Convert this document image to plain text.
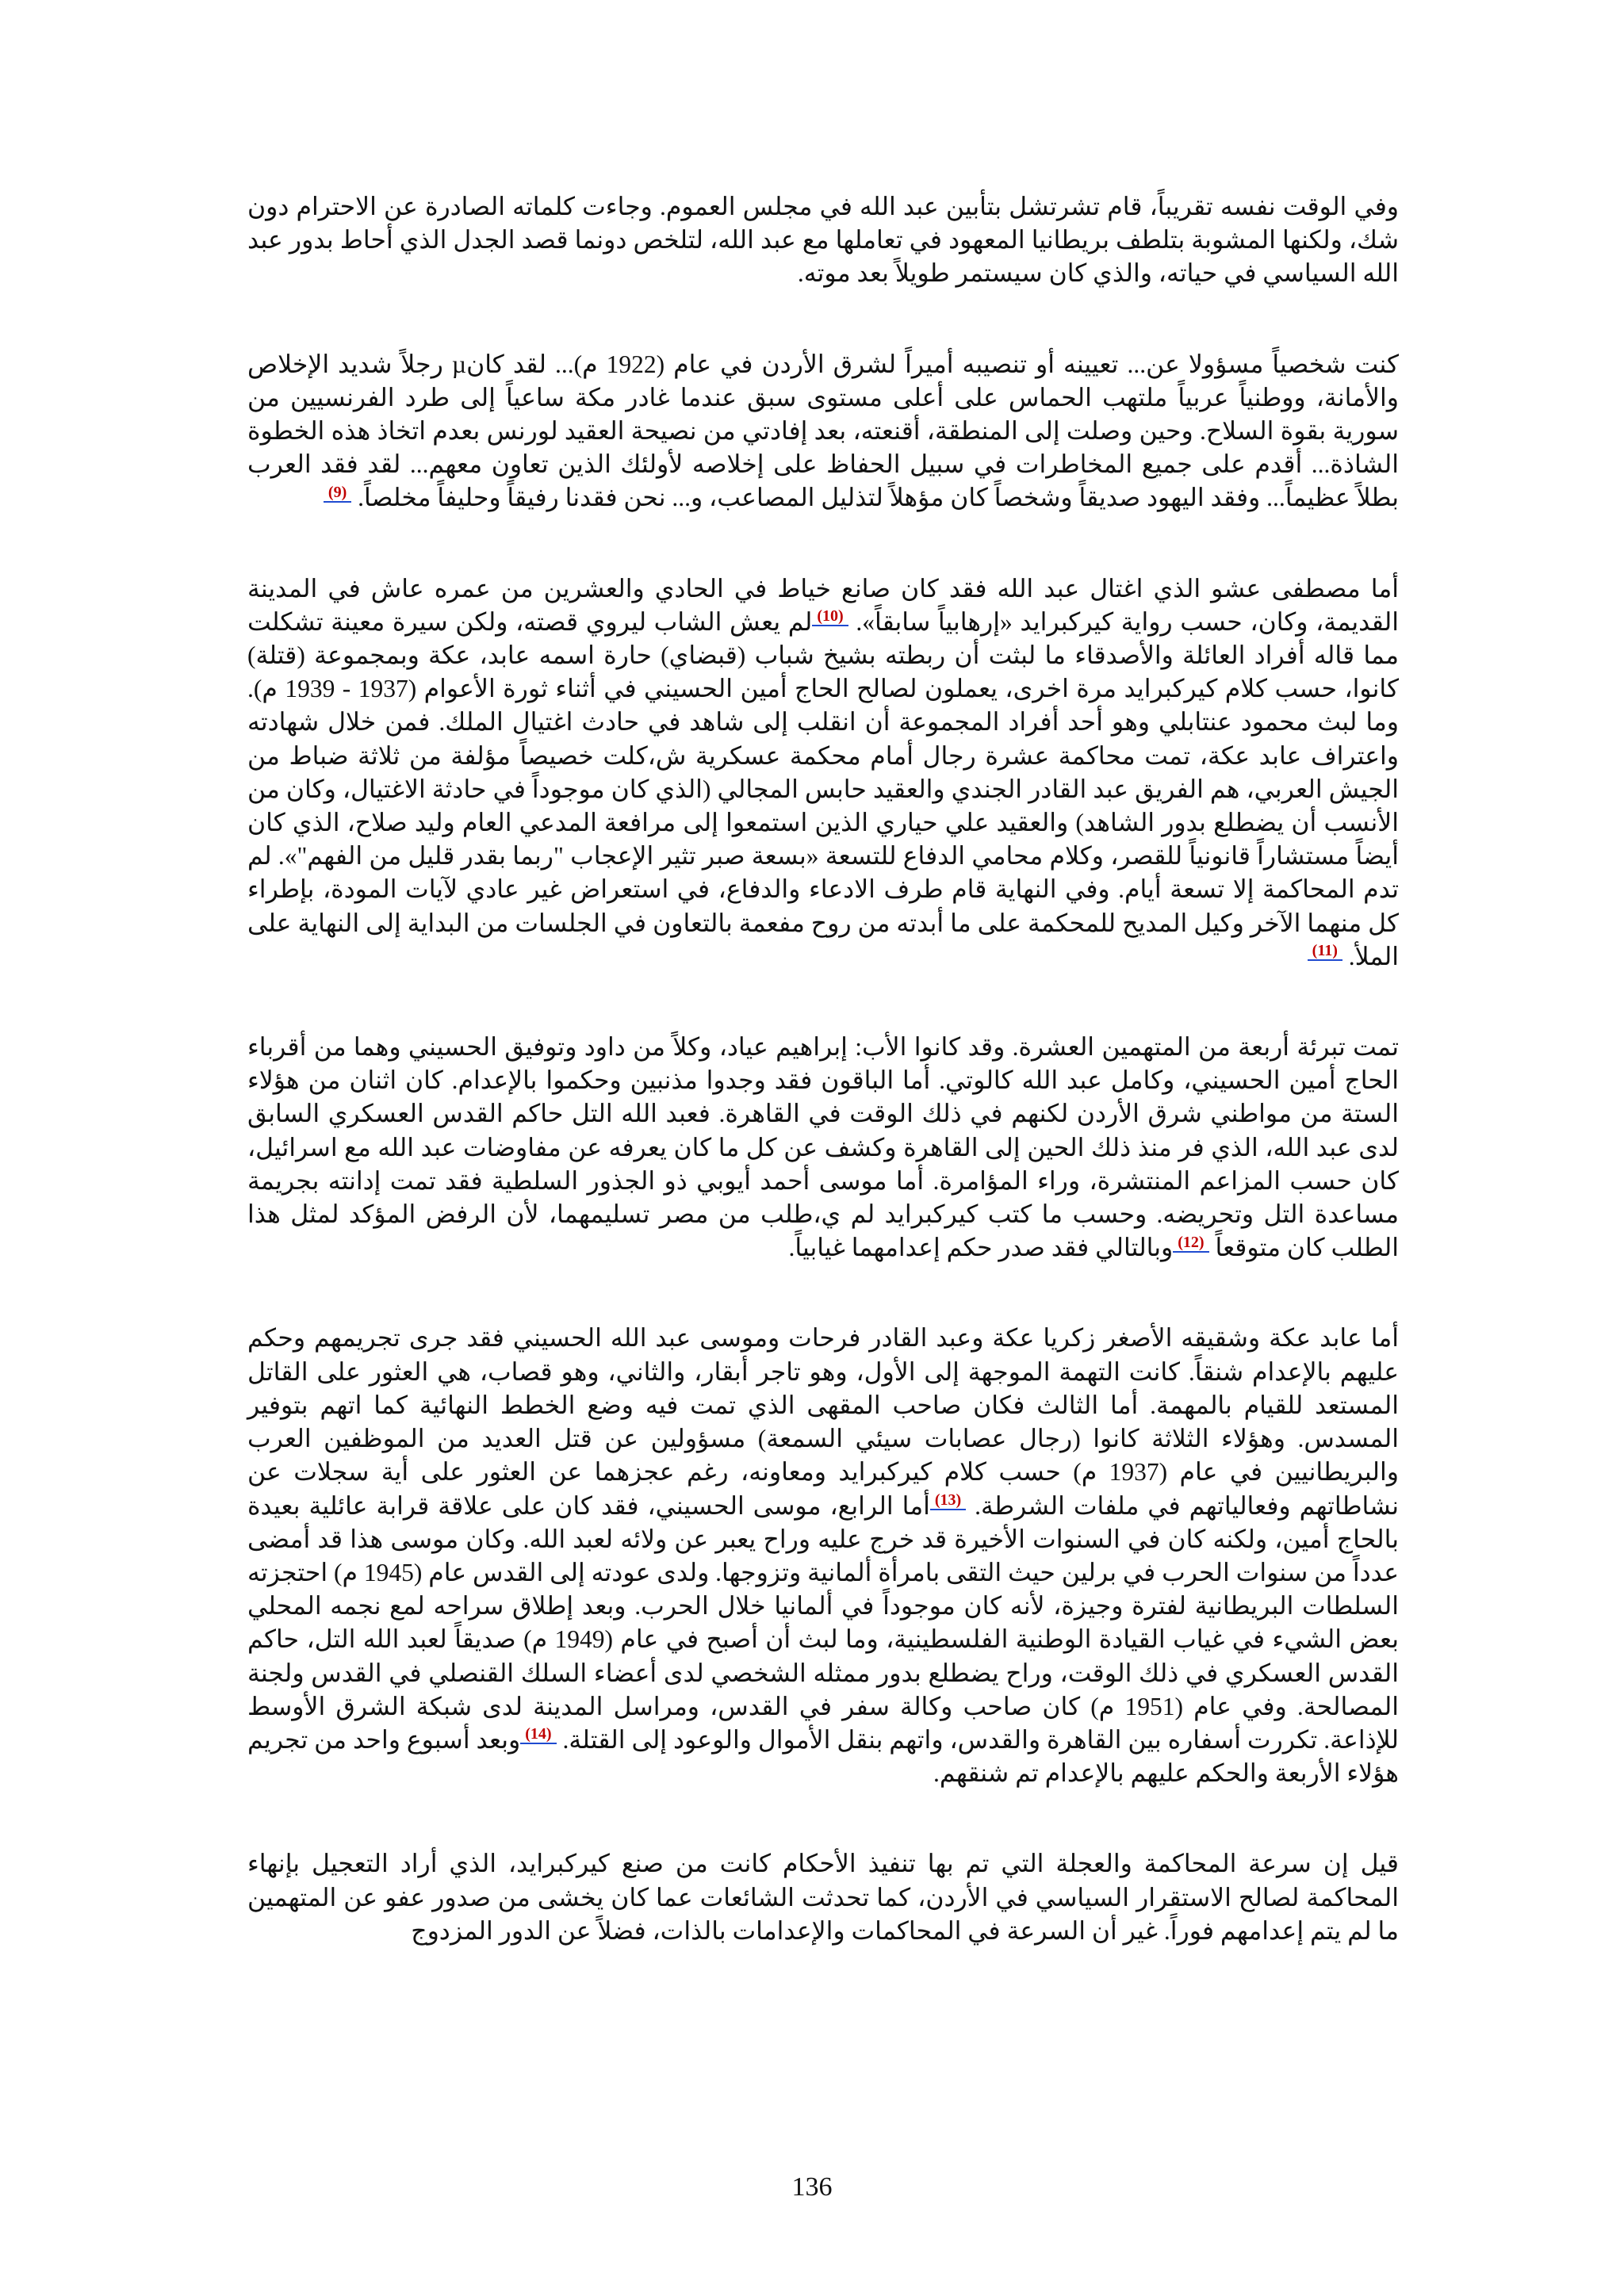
وفي الوقت نفسه تقريباً، قام تشرتشل بتأبين عبد الله في مجلس العموم. وجاءت كلماته الصادرة عن الاحترام دون شك، ولكنها المشوبة بتلطف بريطانيا المعهود في تعاملها مع عبد الله، لتلخص دونما قصد الجدل الذي أحاط بدور عبد الله السياسي في حياته، والذي كان سيستمر طويلاً بعد موته.

كنت شخصياً مسؤولا عن... تعيينه أو تنصيبه أميراً لشرق الأردن في عام (1922 م)... لقد كانµ رجلاً شديد الإخلاص والأمانة، ووطنياً عربياً ملتهب الحماس على أعلى مستوى سبق عندما غادر مكة ساعياً إلى طرد الفرنسيين من سورية بقوة السلاح. وحين وصلت إلى المنطقة، أقنعته، بعد إفادتي من نصيحة العقيد لورنس بعدم اتخاذ هذه الخطوة الشاذة... أقدم على جميع المخاطرات في سبيل الحفاظ على إخلاصه لأولئك الذين تعاون معهم... لقد فقد العرب بطلاً عظيماً... وفقد اليهود صديقاً وشخصاً كان مؤهلاً لتذليل المصاعب، و... نحن فقدنا رفيقاً وحليفاً مخلصاً. $^{(9)}$

أما مصطفى عشو الذي اغتال عبد الله فقد كان صانع خياط في الحادي والعشرين من عمره عاش في المدينة القديمة، وكان، حسب رواية كيركبرايد «إرهابياً سابقاً». $^{(10)}$لم يعش الشاب ليروي قصته، ولكن سيرة معينة تشكلت مما قاله أفراد العائلة والأصدقاء ما لبثت أن ربطته بشيخ شباب (قبضاي) حارة اسمه عابد، عكة وبمجموعة (قتلة) كانوا، حسب كلام كيركبرايد مرة اخرى، يعملون لصالح الحاج أمين الحسيني في أثناء ثورة الأعوام (1937 - 1939 م). وما لبث محمود عنتابلي وهو أحد أفراد المجموعة أن انقلب إلى شاهد في حادث اغتيال الملك. فمن خلال شهادته واعتراف عابد عكة، تمت محاكمة عشرة رجال أمام محكمة عسكرية ش،كلت خصيصاً مؤلفة من ثلاثة ضباط من الجيش العربي، هم الفريق عبد القادر الجندي والعقيد حابس المجالي (الذي كان موجوداً في حادثة الاغتيال، وكان من الأنسب أن يضطلع بدور الشاهد) والعقيد علي حياري الذين استمعوا إلى مرافعة المدعي العام وليد صلاح، الذي كان أيضاً مستشاراً قانونياً للقصر، وكلام محامي الدفاع للتسعة «بسعة صبر تثير الإعجاب "ربما بقدر قليل من الفهم"». لم تدم المحاكمة إلا تسعة أيام. وفي النهاية قام طرف الادعاء والدفاع، في استعراض غير عادي لآيات المودة، بإطراء كل منهما الآخر وكيل المديح للمحكمة على ما أبدته من روح مفعمة بالتعاون في الجلسات من البداية إلى النهاية على الملأ. $^{(11)}$

تمت تبرئة أربعة من المتهمين العشرة. وقد كانوا الأب: إبراهيم عياد، وكلاً من داود وتوفيق الحسيني وهما من أقرباء الحاج أمين الحسيني، وكامل عبد الله كالوتي. أما الباقون فقد وجدوا مذنبين وحكموا بالإعدام. كان اثنان من هؤلاء الستة من مواطني شرق الأردن لكنهم في ذلك الوقت في القاهرة. فعبد الله التل حاكم القدس العسكري السابق لدى عبد الله، الذي فر منذ ذلك الحين إلى القاهرة وكشف عن كل ما كان يعرفه عن مفاوضات عبد الله مع اسرائيل، كان حسب المزاعم المنتشرة، وراء المؤامرة. أما موسى أحمد أيوبي ذو الجذور السلطية فقد تمت إدانته بجريمة مساعدة التل وتحريضه. وحسب ما كتب كيركبرايد لم ي،طلب من مصر تسليمهما، لأن الرفض المؤكد لمثل هذا الطلب كان متوقعاً $^{(12)}$وبالتالي فقد صدر حكم إعدامهما غيابياً.

أما عابد عكة وشقيقه الأصغر زكريا عكة وعبد القادر فرحات وموسى عبد الله الحسيني فقد جرى تجريمهم وحكم عليهم بالإعدام شنقاً. كانت التهمة الموجهة إلى الأول، وهو تاجر أبقار، والثاني، وهو قصاب، هي العثور على القاتل المستعد للقيام بالمهمة. أما الثالث فكان صاحب المقهى الذي تمت فيه وضع الخطط النهائية كما اتهم بتوفير المسدس. وهؤلاء الثلاثة كانوا (رجال عصابات سيئي السمعة) مسؤولين عن قتل العديد من الموظفين العرب والبريطانيين في عام (1937 م) حسب كلام كيركبرايد ومعاونه، رغم عجزهما عن العثور على أية سجلات عن نشاطاتهم وفعالياتهم في ملفات الشرطة. $^{(13)}$أما الرابع، موسى الحسيني، فقد كان على علاقة قرابة عائلية بعيدة بالحاج أمين، ولكنه كان في السنوات الأخيرة قد خرج عليه وراح يعبر عن ولائه لعبد الله. وكان موسى هذا قد أمضى عدداً من سنوات الحرب في برلين حيث التقى بامرأة ألمانية وتزوجها. ولدى عودته إلى القدس عام (1945 م) احتجزته السلطات البريطانية لفترة وجيزة، لأنه كان موجوداً في ألمانيا خلال الحرب. وبعد إطلاق سراحه لمع نجمه المحلي بعض الشيء في غياب القيادة الوطنية الفلسطينية، وما لبث أن أصبح في عام (1949 م) صديقاً لعبد الله التل، حاكم القدس العسكري في ذلك الوقت، وراح يضطلع بدور ممثله الشخصي لدى أعضاء السلك القنصلي في القدس ولجنة المصالحة. وفي عام (1951 م) كان صاحب وكالة سفر في القدس، ومراسل المدينة لدى شبكة الشرق الأوسط للإذاعة. تكررت أسفاره بين القاهرة والقدس، واتهم بنقل الأموال والوعود إلى القتلة. $^{(14)}$وبعد أسبوع واحد من تجريم هؤلاء الأربعة والحكم عليهم بالإعدام تم شنقهم.

قيل إن سرعة المحاكمة والعجلة التي تم بها تنفيذ الأحكام كانت من صنع كيركبرايد، الذي أراد التعجيل بإنهاء المحاكمة لصالح الاستقرار السياسي في الأردن، كما تحدثت الشائعات عما كان يخشى من صدور عفو عن المتهمين ما لم يتم إعدامهم فوراً. غير أن السرعة في المحاكمات والإعدامات بالذات، فضلاً عن الدور المزدوج

136
